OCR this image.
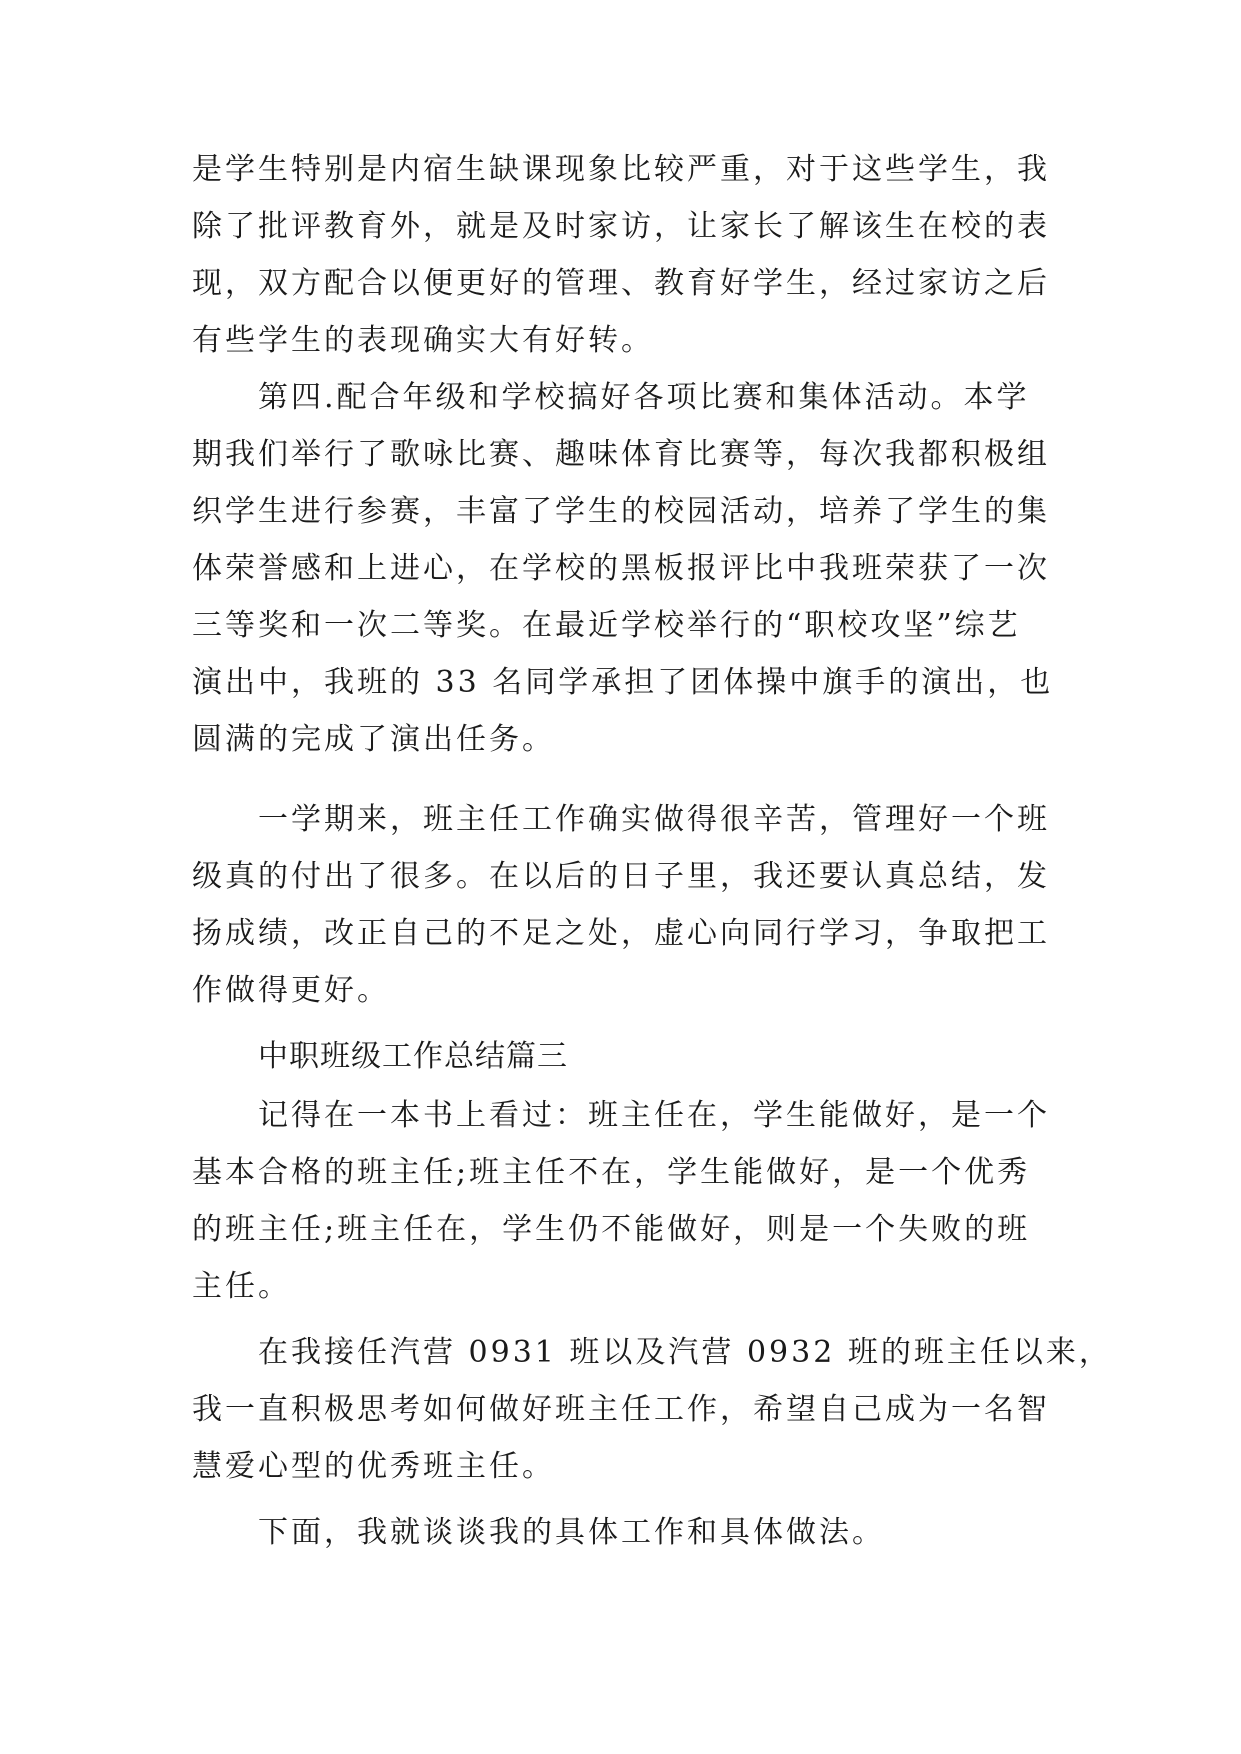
是学生特别是内宿生缺课现象比较严重，对于这些学生，我
除了批评教育外，就是及时家访，让家长了解该生在校的表
现，双方配合以便更好的管理、教育好学生，经过家访之后
有些学生的表现确实大有好转。
第四.配合年级和学校搞好各项比赛和集体活动。本学
期我们举行了歌咏比赛、趣味体育比赛等，每次我都积极组
织学生进行参赛，丰富了学生的校园活动，培养了学生的集
体荣誉感和上进心，在学校的黑板报评比中我班荣获了一次
三等奖和一次二等奖。在最近学校举行的“职校攻坚”综艺
演出中，我班的 33 名同学承担了团体操中旗手的演出，也
圆满的完成了演出任务。
一学期来，班主任工作确实做得很辛苦，管理好一个班
级真的付出了很多。在以后的日子里，我还要认真总结，发
扬成绩，改正自己的不足之处，虚心向同行学习，争取把工
作做得更好。
中职班级工作总结篇三
记得在一本书上看过：班主任在，学生能做好，是一个
基本合格的班主任;班主任不在，学生能做好，是一个优秀
的班主任;班主任在，学生仍不能做好，则是一个失败的班
主任。
在我接任汽营 0931 班以及汽营 0932 班的班主任以来，
我一直积极思考如何做好班主任工作，希望自己成为一名智
慧爱心型的优秀班主任。
下面，我就谈谈我的具体工作和具体做法。
